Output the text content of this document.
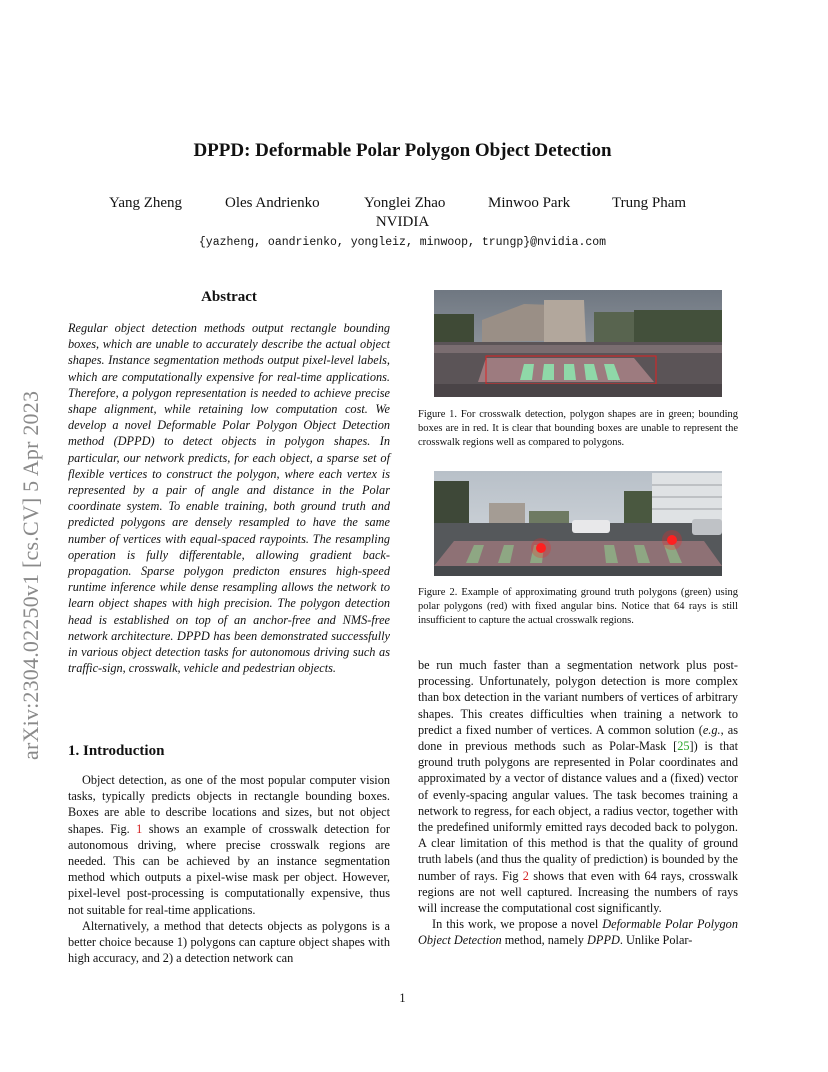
arXiv:2304.02250v1 [cs.CV] 5 Apr 2023
DPPD: Deformable Polar Polygon Object Detection
Yang Zheng	Oles Andrienko	Yonglei Zhao	Minwoo Park	Trung Pham
NVIDIA
{yazheng, oandrienko, yongleiz, minwoop, trungp}@nvidia.com
Abstract
Regular object detection methods output rectangle bounding boxes, which are unable to accurately describe the actual object shapes. Instance segmentation methods output pixel-level labels, which are computationally expensive for real-time applications. Therefore, a polygon representation is needed to achieve precise shape alignment, while retaining low computation cost. We develop a novel Deformable Polar Polygon Object Detection method (DPPD) to detect objects in polygon shapes. In particular, our network predicts, for each object, a sparse set of flexible vertices to construct the polygon, where each vertex is represented by a pair of angle and distance in the Polar coordinate system. To enable training, both ground truth and predicted polygons are densely resampled to have the same number of vertices with equal-spaced raypoints. The resampling operation is fully differentable, allowing gradient back-propagation. Sparse polygon predicton ensures high-speed runtime inference while dense resampling allows the network to learn object shapes with high precision. The polygon detection head is established on top of an anchor-free and NMS-free network architecture. DPPD has been demonstrated successfully in various object detection tasks for autonomous driving such as traffic-sign, crosswalk, vehicle and pedestrian objects.
1. Introduction

Object detection, as one of the most popular computer vision tasks, typically predicts objects in rectangle bounding boxes. Boxes are able to describe locations and sizes, but not object shapes. Fig. 1 shows an example of crosswalk detection for autonomous driving, where precise crosswalk regions are needed. This can be achieved by an instance segmentation method which outputs a pixel-wise mask per object. However, pixel-level post-processing is computationally expensive, thus not suitable for real-time applications.

Alternatively, a method that detects objects as polygons is a better choice because 1) polygons can capture object shapes with high accuracy, and 2) a detection network can

Figure 1. For crosswalk detection, polygon shapes are in green; bounding boxes are in red. It is clear that bounding boxes are unable to represent the crosswalk regions well as compared to polygons.
Figure 2. Example of approximating ground truth polygons (green) using polar polygons (red) with fixed angular bins. Notice that 64 rays is still insufficient to capture the actual crosswalk regions.

be run much faster than a segmentation network plus post-processing. Unfortunately, polygon detection is more complex than box detection in the variant numbers of vertices of arbitrary shapes. This creates difficulties when training a network to predict a fixed number of vertices. A common solution (e.g., as done in previous methods such as Polar-Mask [25]) is that ground truth polygons are represented in Polar coordinates and approximated by a vector of distance values and a (fixed) vector of evenly-spacing angular values. The task becomes training a network to regress, for each object, a radius vector, together with the predefined uniformly emitted rays decoded back to polygon. A clear limitation of this method is that the quality of ground truth labels (and thus the quality of prediction) is bounded by the number of rays. Fig 2 shows that even with 64 rays, crosswalk regions are not well captured. Increasing the numbers of rays will increase the computational cost significantly.

In this work, we propose a novel Deformable Polar Polygon Object Detection method, namely DPPD. Unlike Polar-

1
